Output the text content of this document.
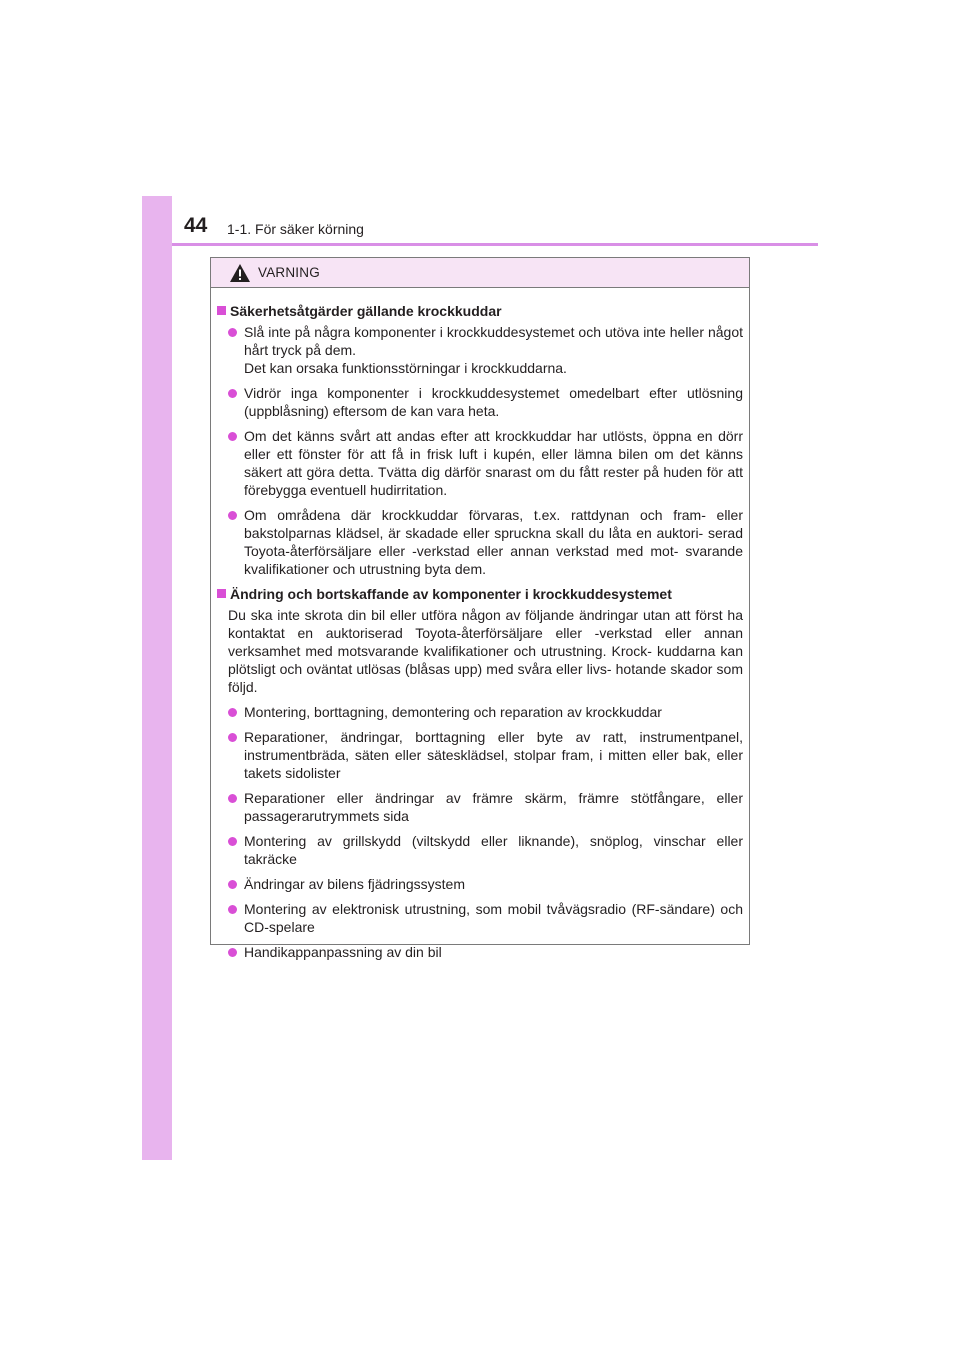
44 1-1. För säker körning
VARNING
Säkerhetsåtgärder gällande krockkuddar
Slå inte på några komponenter i krockkuddesystemet och utöva inte heller något hårt tryck på dem.
Det kan orsaka funktionsstörningar i krockkuddarna.
Vidrör inga komponenter i krockkuddesystemet omedelbart efter utlösning (uppblåsning) eftersom de kan vara heta.
Om det känns svårt att andas efter att krockkuddar har utlösts, öppna en dörr eller ett fönster för att få in frisk luft i kupén, eller lämna bilen om det känns säkert att göra detta. Tvätta dig därför snarast om du fått rester på huden för att förebygga eventuell hudirritation.
Om områdena där krockkuddar förvaras, t.ex. rattdynan och fram- eller bakstolparnas klädsel, är skadade eller spruckna skall du låta en auktori- serad Toyota-återförsäljare eller -verkstad eller annan verkstad med mot- svarande kvalifikationer och utrustning byta dem.
Ändring och bortskaffande av komponenter i krockkuddesystemet
Du ska inte skrota din bil eller utföra någon av följande ändringar utan att först ha kontaktat en auktoriserad Toyota-återförsäljare eller -verkstad eller annan verksamhet med motsvarande kvalifikationer och utrustning. Krock- kuddarna kan plötsligt och oväntat utlösas (blåsas upp) med svåra eller livs- hotande skador som följd.
Montering, borttagning, demontering och reparation av krockkuddar
Reparationer, ändringar, borttagning eller byte av ratt, instrumentpanel, instrumentbräda, säten eller sätesklädsel, stolpar fram, i mitten eller bak, eller takets sidolister
Reparationer eller ändringar av främre skärm, främre stötfångare, eller passagerarutrymmets sida
Montering av grillskydd (viltskydd eller liknande), snöplog, vinschar eller takräcke
Ändringar av bilens fjädringssystem
Montering av elektronisk utrustning, som mobil tvåvägsradio (RF-sändare) och CD-spelare
Handikappanpassning av din bil
